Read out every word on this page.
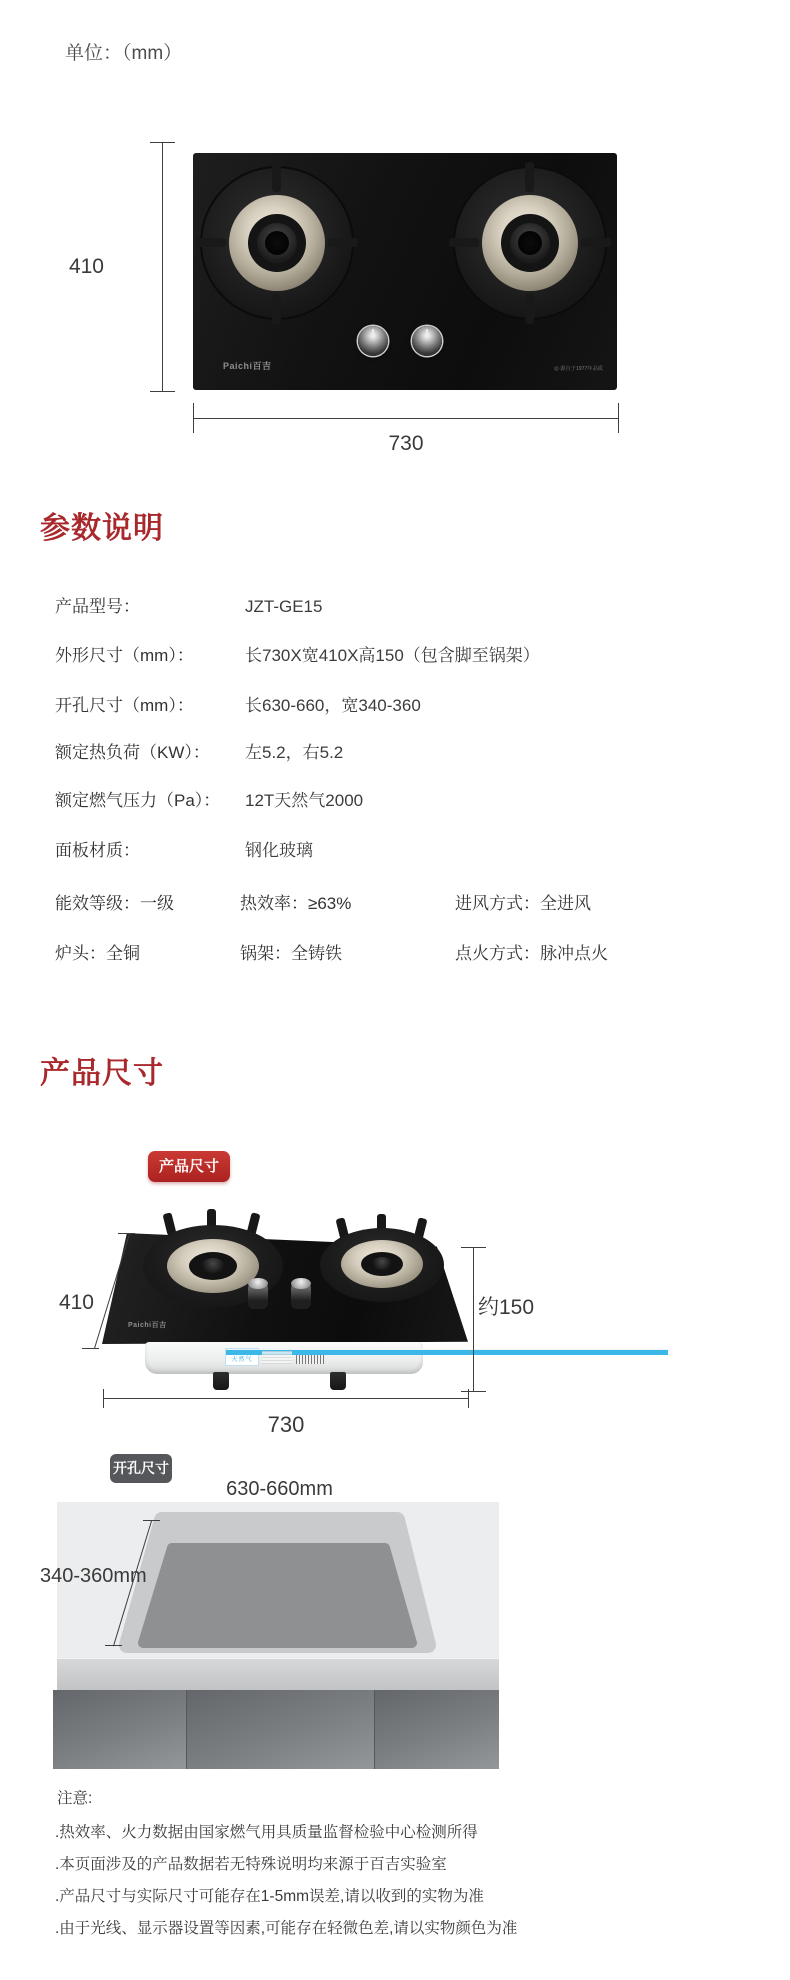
单位：（mm）
Paichi百吉	◎ 源自于1977年品质
410
730
参数说明
产品型号：	JZT-GE15
外形尺寸（mm）：	长730X宽410X高150（包含脚至锅架）
开孔尺寸（mm）：	长630-660，宽340-360
额定热负荷（KW）： 左5.2，右5.2
额定燃气压力（Pa）： 12T天然气2000
面板材质：	钢化玻璃
能效等级：一级	热效率：≥63%	进风方式：全进风
炉头：全铜	锅架：全铸铁	点火方式：脉冲点火
产品尺寸
产品尺寸
天然气
Paichi百吉
410	约150
730
开孔尺寸
630-660mm
340-360mm
注意:
.热效率、火力数据由国家燃气用具质量监督检验中心检测所得
.本页面涉及的产品数据若无特殊说明均来源于百吉实验室
.产品尺寸与实际尺寸可能存在1-5mm误差,请以收到的实物为准
.由于光线、显示器设置等因素,可能存在轻微色差,请以实物颜色为准
